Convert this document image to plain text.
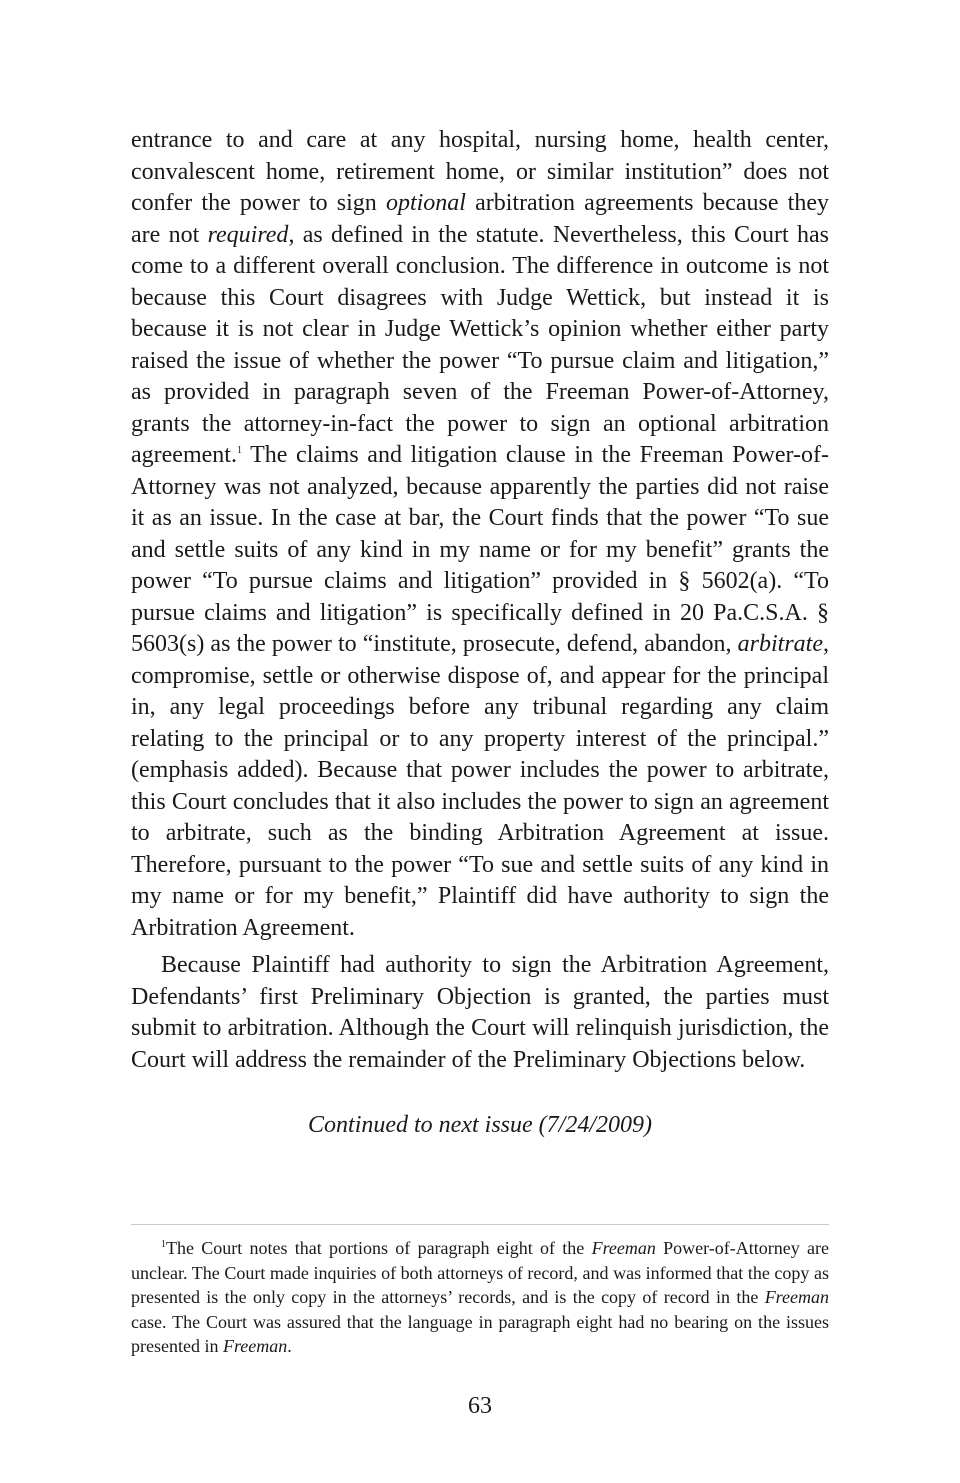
entrance to and care at any hospital, nursing home, health center, convalescent home, retirement home, or similar institution” does not confer the power to sign optional arbitration agreements because they are not required, as defined in the statute. Nevertheless, this Court has come to a different overall conclusion. The difference in outcome is not because this Court disagrees with Judge Wettick, but instead it is because it is not clear in Judge Wettick’s opinion whether either party raised the issue of whether the power “To pursue claim and litigation,” as provided in paragraph seven of the Freeman Power-of-Attorney, grants the attorney-in-fact the power to sign an optional arbitration agreement.$^1$ The claims and litigation clause in the Freeman Power-of-Attorney was not analyzed, because apparently the parties did not raise it as an issue. In the case at bar, the Court finds that the power “To sue and settle suits of any kind in my name or for my benefit” grants the power “To pursue claims and litigation” provided in § 5602(a). “To pursue claims and litigation” is specifically defined in 20 Pa.C.S.A. § 5603(s) as the power to “institute, prosecute, defend, abandon, arbitrate, compromise, settle or otherwise dispose of, and appear for the principal in, any legal proceedings before any tribunal regarding any claim relating to the principal or to any property interest of the principal.” (emphasis added). Because that power includes the power to arbitrate, this Court concludes that it also includes the power to sign an agreement to arbitrate, such as the binding Arbitration Agreement at issue. Therefore, pursuant to the power “To sue and settle suits of any kind in my name or for my benefit,” Plaintiff did have authority to sign the Arbitration Agreement.

Because Plaintiff had authority to sign the Arbitration Agreement, Defendants’ first Preliminary Objection is granted, the parties must submit to arbitration. Although the Court will relinquish jurisdiction, the Court will address the remainder of the Preliminary Objections below.

Continued to next issue (7/24/2009)
$^1$The Court notes that portions of paragraph eight of the Freeman Power-of-Attorney are unclear. The Court made inquiries of both attorneys of record, and was informed that the copy as presented is the only copy in the attorneys’ records, and is the copy of record in the Freeman case. The Court was assured that the language in paragraph eight had no bearing on the issues presented in Freeman.
63
